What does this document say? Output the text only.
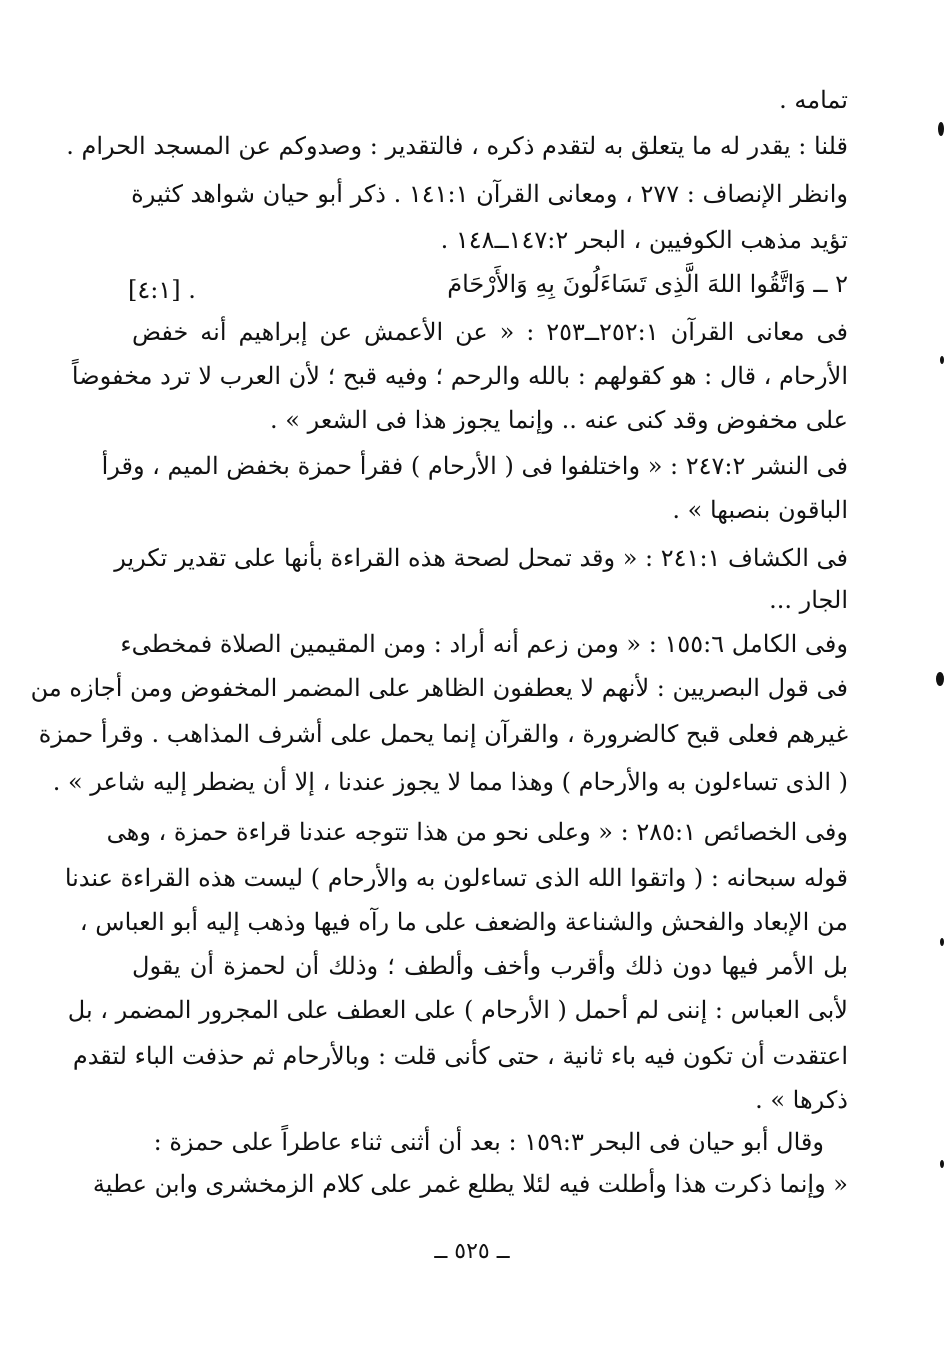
تمامه .
قلنا : يقدر له ما يتعلق به لتقدم ذكره ، فالتقدير : وصدوكم عن المسجد الحرام .
وانظر الإنصاف : ٢٧٧ ، ومعانى القرآن ١٤١:١ . ذكر أبو حيان شواهد كثيرة
تؤيد مذهب الكوفيين ، البحر ١٤٧:٢ــ١٤٨ .
٢ ــ وَاتَّقُوا اللهَ الَّذِى تَسَاءَلُونَ بِهِ وَالأَرْحَامَ
[٤:١] .
فى معانى القرآن ٢٥٢:١ــ٢٥٣ : « عن الأعمش عن إبراهيم أنه خفض
الأرحام ، قال : هو كقولهم : بالله والرحم ؛ وفيه قبح ؛ لأن العرب لا ترد مخفوضاً
على مخفوض وقد كنى عنه .. وإنما يجوز هذا فى الشعر » .
فى النشر ٢٤٧:٢ : « واختلفوا فى ( الأرحام ) فقرأ حمزة بخفض الميم ، وقرأ
الباقون بنصبها » .
فى الكشاف ٢٤١:١ : « وقد تمحل لصحة هذه القراءة بأنها على تقدير تكرير
الجار ...
وفى الكامل ١٥٥:٦ : « ومن زعم أنه أراد : ومن المقيمين الصلاة فمخطىء
فى قول البصريين : لأنهم لا يعطفون الظاهر على المضمر المخفوض ومن أجازه من
غيرهم فعلى قبح كالضرورة ، والقرآن إنما يحمل على أشرف المذاهب . وقرأ حمزة
( الذى تساءلون به والأرحام ) وهذا مما لا يجوز عندنا ، إلا أن يضطر إليه شاعر » .
وفى الخصائص ٢٨٥:١ : « وعلى نحو من هذا تتوجه عندنا قراءة حمزة ، وهى
قوله سبحانه : ( واتقوا الله الذى تساءلون به والأرحام ) ليست هذه القراءة عندنا
من الإبعاد والفحش والشناعة والضعف على ما رآه فيها وذهب إليه أبو العباس ،
بل الأمر فيها دون ذلك وأقرب وأخف وألطف ؛ وذلك أن لحمزة أن يقول
لأبى العباس : إننى لم أحمل ( الأرحام ) على العطف على المجرور المضمر ، بل
اعتقدت أن تكون فيه باء ثانية ، حتى كأنى قلت : وبالأرحام ثم حذفت الباء لتقدم
ذكرها » .
وقال أبو حيان فى البحر ١٥٩:٣ : بعد أن أثنى ثناء عاطراً على حمزة :
« وإنما ذكرت هذا وأطلت فيه لئلا يطلع غمر على كلام الزمخشرى وابن عطية
ــ ٥٢٥ ــ
